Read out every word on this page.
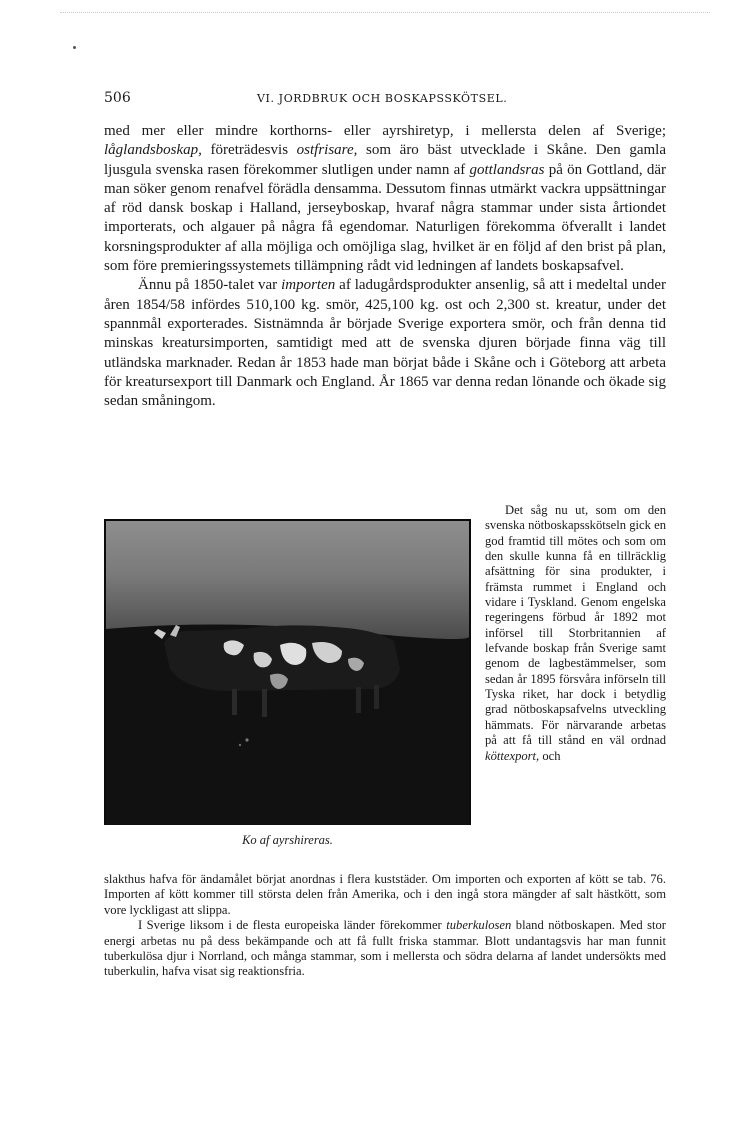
506	VI. JORDBRUK OCH BOSKAPSSKÖTSEL.

med mer eller mindre korthorns- eller ayrshiretyp, i mellersta delen af Sverige; låglandsboskap, företrädesvis ostfrisare, som äro bäst utvecklade i Skåne. Den gamla ljusgula svenska rasen förekommer slutligen under namn af gottlandsras på ön Gottland, där man söker genom renafvel förädla densamma. Dessutom finnas utmärkt vackra uppsättningar af röd dansk boskap i Halland, jerseyboskap, hvaraf några stammar under sista årtiondet importerats, och algauer på några få egendomar. Naturligen förekomma öfverallt i landet korsningsprodukter af alla möjliga och omöjliga slag, hvilket är en följd af den brist på plan, som före premieringssystemets tillämpning rådt vid ledningen af landets boskapsafvel.

Ännu på 1850-talet var importen af ladugårdsprodukter ansenlig, så att i medeltal under åren 1854/58 infördes 510,100 kg. smör, 425,100 kg. ost och 2,300 st. kreatur, under det spannmål exporterades. Sistnämnda år började Sverige exportera smör, och från denna tid minskas kreatursimporten, samtidigt med att de svenska djuren började finna väg till utländska marknader. Redan år 1853 hade man börjat både i Skåne och i Göteborg att arbeta för kreatursexport till Danmark och England. År 1865 var denna redan lönande och ökade sig sedan småningom.

Ko af ayrshireras.

Det såg nu ut, som om den svenska nötboskapsskötseln gick en god framtid till mötes och som om den skulle kunna få en tillräcklig afsättning för sina produkter, i främsta rummet i England och vidare i Tyskland. Genom engelska regeringens förbud år 1892 mot införsel till Storbritannien af lefvande boskap från Sverige samt genom de lagbestämmelser, som sedan år 1895 försvåra införseln till Tyska riket, har dock i betydlig grad nötboskapsafvelns utveckling hämmats. För närvarande arbetas på att få till stånd en väl ordnad köttexport, och

slakthus hafva för ändamålet börjat anordnas i flera kuststäder. Om importen och exporten af kött se tab. 76. Importen af kött kommer till största delen från Amerika, och i den ingå stora mängder af salt hästkött, som vore lyckligast att slippa.

I Sverige liksom i de flesta europeiska länder förekommer tuberkulosen bland nötboskapen. Med stor energi arbetas nu på dess bekämpande och att få fullt friska stammar. Blott undantagsvis har man funnit tuberkulösa djur i Norrland, och många stammar, som i mellersta och södra delarna af landet undersökts med tuberkulin, hafva visat sig reaktionsfria.
